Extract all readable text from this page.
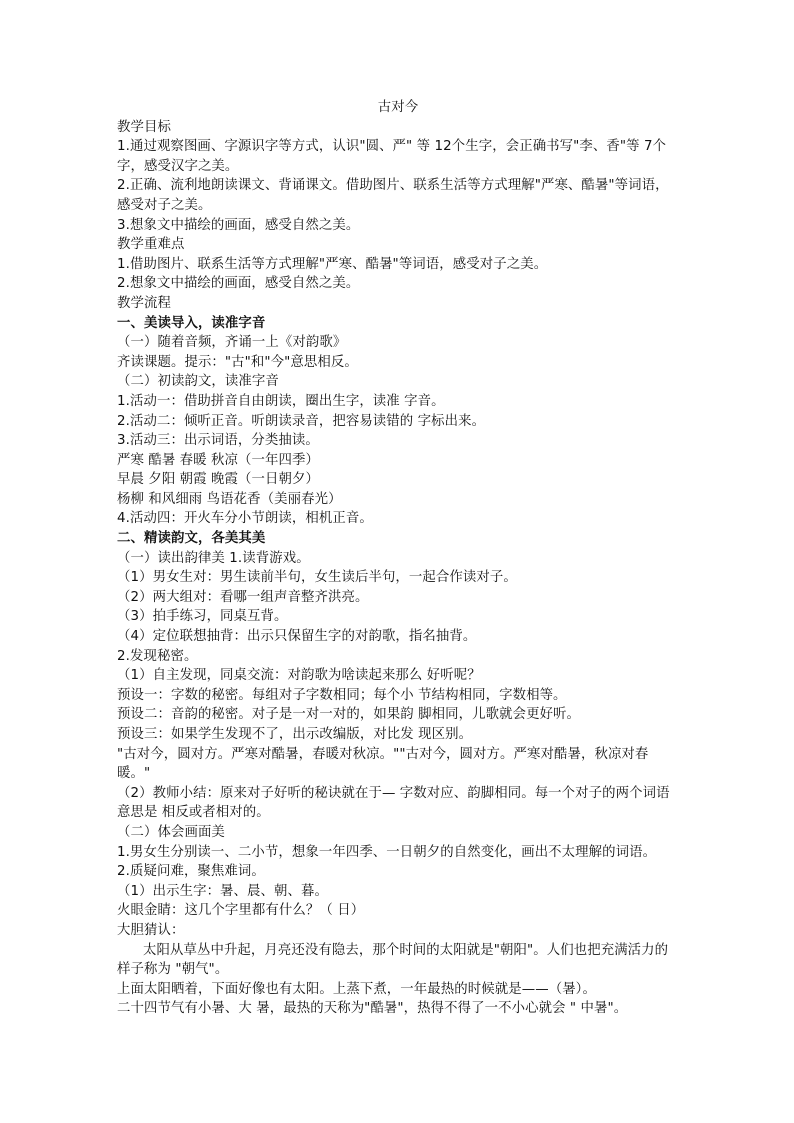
古对今

教学目标

1.通过观察图画、字源识字等方式，认识"圆、严" 等 12个生字，会正确书写"李、香"等 7个字，感受汉字之美。

2.正确、流利地朗读课文、背诵课文。借助图片、联系生活等方式理解"严寒、酷暑"等词语，感受对子之美。

3.想象文中描绘的画面，感受自然之美。

教学重难点

1.借助图片、联系生活等方式理解"严寒、酷暑"等词语，感受对子之美。

2.想象文中描绘的画面，感受自然之美。

教学流程

一、美读导入，读准字音

（一）随着音频，齐诵一上《对韵歌》

齐读课题。提示："古"和"今"意思相反。

（二）初读韵文，读准字音

1.活动一：借助拼音自由朗读，圈出生字，读准 字音。

2.活动二：倾听正音。听朗读录音，把容易读错的 字标出来。

3.活动三：出示词语，分类抽读。

严寒 酷暑 春暖 秋凉（一年四季）

早晨 夕阳 朝霞 晚霞（一日朝夕）

杨柳 和风细雨 鸟语花香（美丽春光）

4.活动四：开火车分小节朗读，相机正音。

二、精读韵文，各美其美

（一）读出韵律美 1.读背游戏。

（1）男女生对：男生读前半句，女生读后半句，一起合作读对子。

（2）两大组对：看哪一组声音整齐洪亮。

（3）拍手练习，同桌互背。

（4）定位联想抽背：出示只保留生字的对韵歌，指名抽背。

2.发现秘密。

（1）自主发现，同桌交流：对韵歌为啥读起来那么 好听呢？

预设一：字数的秘密。每组对子字数相同；每个小 节结构相同，字数相等。

预设二：音韵的秘密。对子是一对一对的，如果韵 脚相同，儿歌就会更好听。

预设三：如果学生发现不了，出示改编版，对比发 现区别。

"古对今，圆对方。严寒对酷暑，春暖对秋凉。""古对今，圆对方。严寒对酷暑，秋凉对春暖。"

（2）教师小结：原来对子好听的秘诀就在于— 字数对应、韵脚相同。每一个对子的两个词语意思是 相反或者相对的。

（二）体会画面美

1.男女生分别读一、二小节，想象一年四季、一日朝夕的自然变化，画出不太理解的词语。

2.质疑问难，聚焦难词。

（1）出示生字：暑、晨、朝、暮。

火眼金睛：这几个字里都有什么？（ 日）

大胆猜认：

太阳从草丛中升起，月亮还没有隐去，那个时间的太阳就是"朝阳"。人们也把充满活力的样子称为 "朝气"。

上面太阳晒着，下面好像也有太阳。上蒸下煮，一年最热的时候就是——（暑）。

二十四节气有小暑、大 暑，最热的天称为"酷暑"，热得不得了一不小心就会 " 中暑"。
